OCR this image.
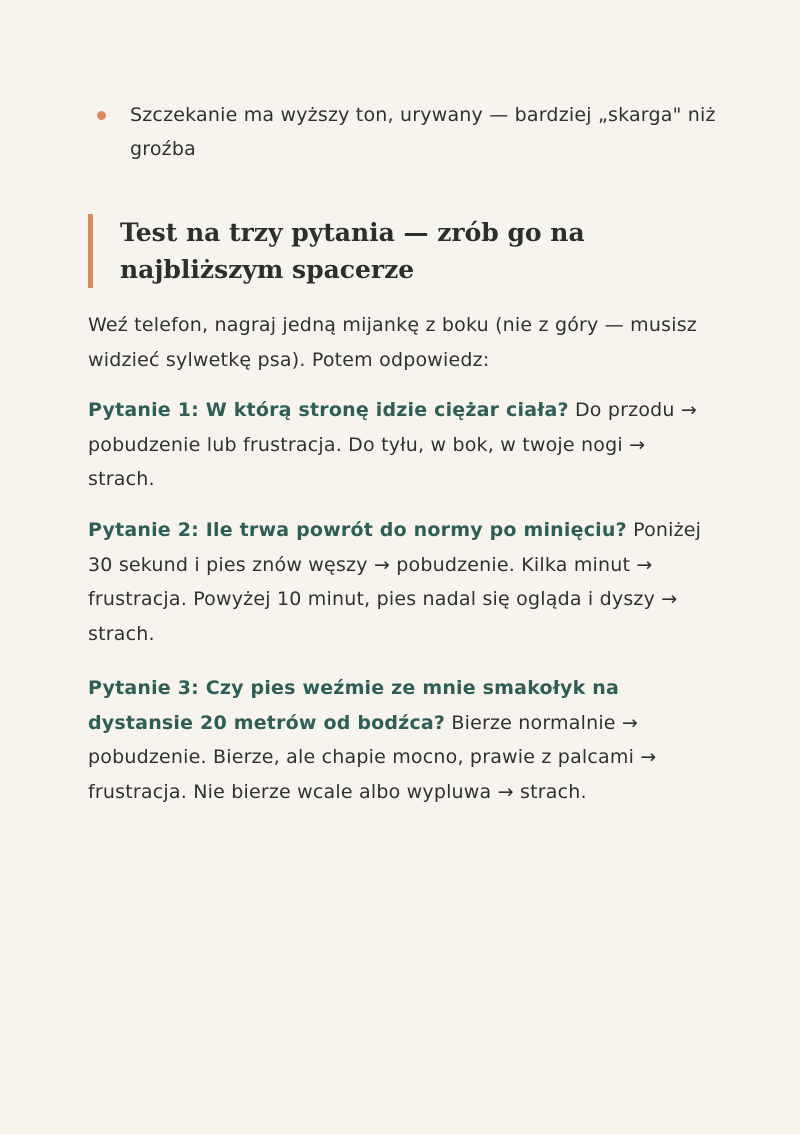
Szczekanie ma wyższy ton, urywany — bardziej „skarga" niż groźba
Test na trzy pytania — zrób go na najbliższym spacerze

Weź telefon, nagraj jedną mijankę z boku (nie z góry — musisz widzieć sylwetkę psa). Potem odpowiedz:

Pytanie 1: W którą stronę idzie ciężar ciała? Do przodu → pobudzenie lub frustracja. Do tyłu, w bok, w twoje nogi → strach.

Pytanie 2: Ile trwa powrót do normy po minięciu? Poniżej 30 sekund i pies znów węszy → pobudzenie. Kilka minut → frustracja. Powyżej 10 minut, pies nadal się ogląda i dyszy → strach.

Pytanie 3: Czy pies weźmie ze mnie smakołyk na dystansie 20 metrów od bodźca? Bierze normalnie → pobudzenie. Bierze, ale chapie mocno, prawie z palcami → frustracja. Nie bierze wcale albo wypluwa → strach.
